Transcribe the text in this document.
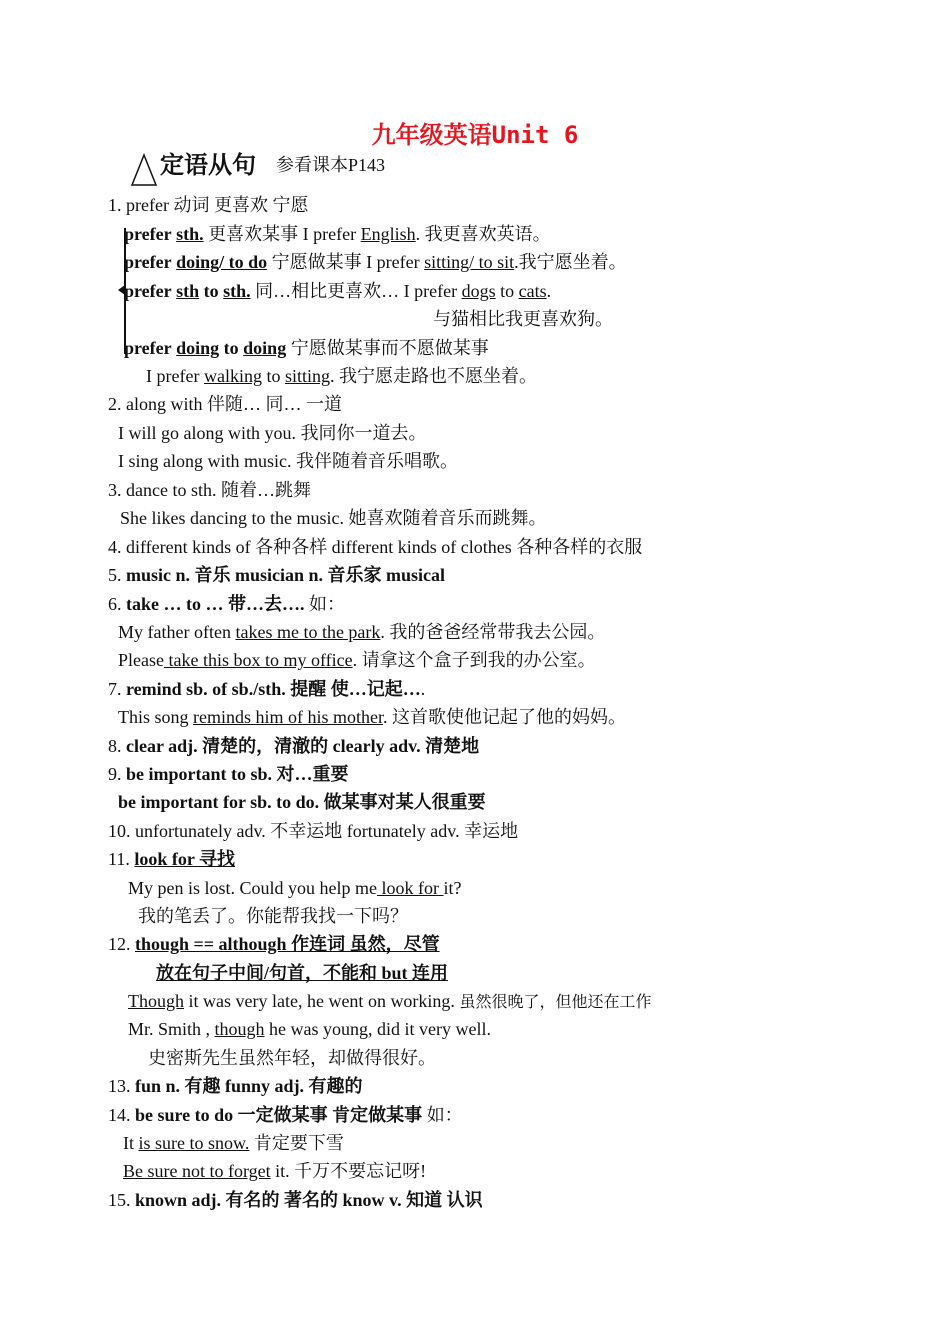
九年级英语Unit 6
定语从句 参看课本P143
1. prefer 动词 更喜欢 宁愿
prefer sth. 更喜欢某事 I prefer English. 我更喜欢英语。
prefer doing/ to do 宁愿做某事 I prefer sitting/ to sit.我宁愿坐着。
prefer sth to sth. 同…相比更喜欢… I prefer dogs to cats.
与猫相比我更喜欢狗。
prefer doing to doing 宁愿做某事而不愿做某事
I prefer walking to sitting. 我宁愿走路也不愿坐着。
2. along with 伴随… 同… 一道
I will go along with you. 我同你一道去。
I sing along with music. 我伴随着音乐唱歌。
3. dance to sth. 随着…跳舞
She likes dancing to the music. 她喜欢随着音乐而跳舞。
4. different kinds of 各种各样 different kinds of clothes 各种各样的衣服
5. music n. 音乐 musician n. 音乐家 musical
6. take … to … 带…去…. 如：
My father often takes me to the park. 我的爸爸经常带我去公园。
Please take this box to my office. 请拿这个盒子到我的办公室。
7. remind sb. of sb./sth. 提醒 使…记起….
This song reminds him of his mother. 这首歌使他记起了他的妈妈。
8. clear adj. 清楚的，清澈的 clearly adv. 清楚地
9. be important to sb. 对…重要
be important for sb. to do. 做某事对某人很重要
10. unfortunately adv. 不幸运地 fortunately adv. 幸运地
11. look for 寻找
My pen is lost. Could you help me look for it?
我的笔丢了。你能帮我找一下吗？
12. though == although 作连词 虽然，尽管
放在句子中间/句首，不能和 but 连用
Though it was very late, he went on working. 虽然很晚了，但他还在工作
Mr. Smith , though he was young, did it very well.
史密斯先生虽然年轻，却做得很好。
13. fun n. 有趣 funny adj. 有趣的
14. be sure to do 一定做某事 肯定做某事 如：
It is sure to snow. 肯定要下雪
Be sure not to forget it. 千万不要忘记呀!
15. known adj. 有名的 著名的 know v. 知道 认识
